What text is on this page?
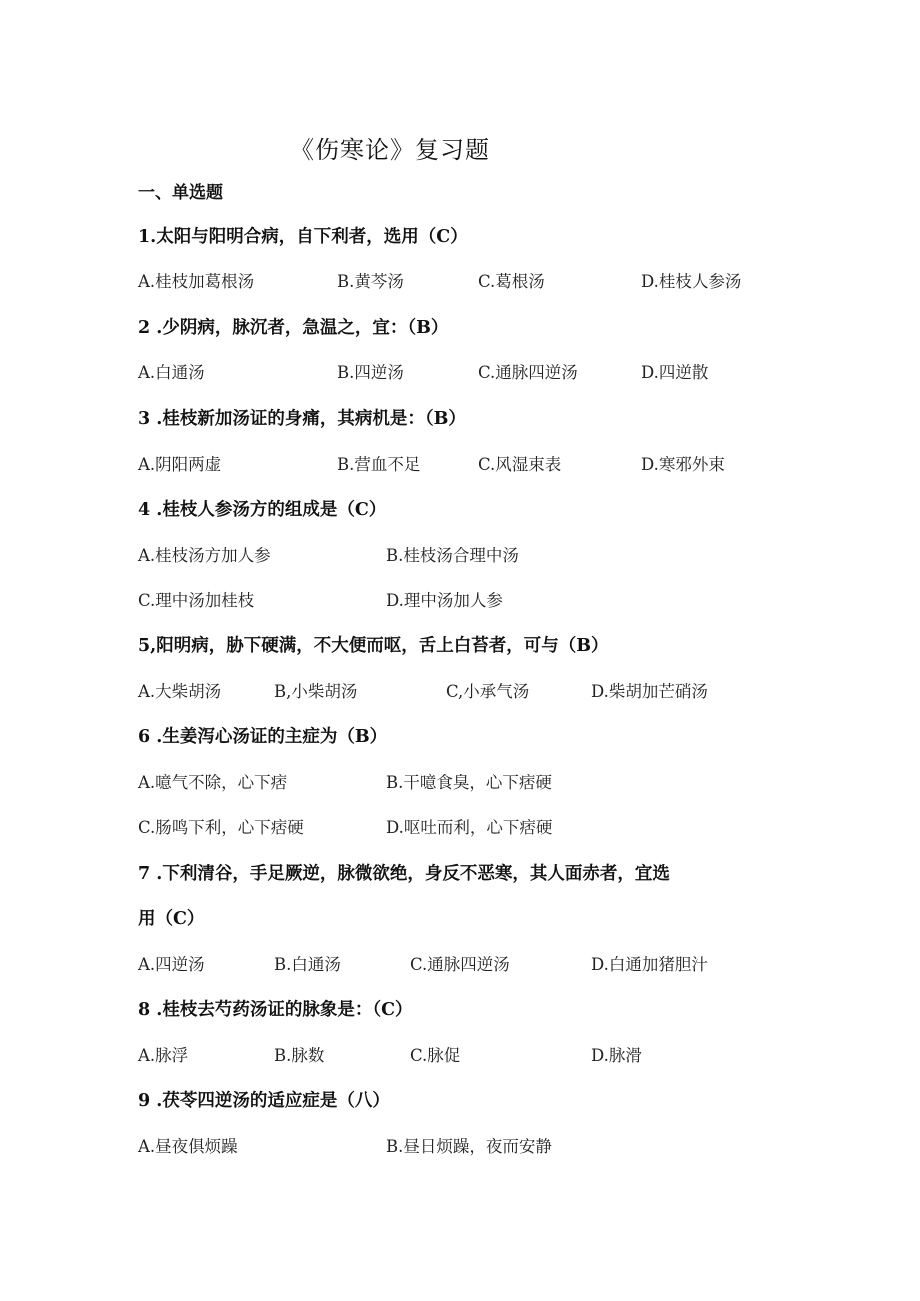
《伤寒论》复习题
一、单选题
1.太阳与阳明合病，自下利者，选用（C）
A.桂枝加葛根汤	B.黄芩汤	C.葛根汤	D.桂枝人参汤
2 .少阴病，脉沉者，急温之，宜：（B）
A.白通汤	B.四逆汤	C.通脉四逆汤	D.四逆散
3 .桂枝新加汤证的身痛，其病机是：（B）
A.阴阳两虚	B.营血不足	C.风湿束表	D.寒邪外束
4 .桂枝人参汤方的组成是（C）
A.桂枝汤方加人参	B.桂枝汤合理中汤
C.理中汤加桂枝	D.理中汤加人参
5,阳明病，胁下硬满，不大便而呕，舌上白苔者，可与（B）
A.大柴胡汤	B,小柴胡汤	C,小承气汤	D.柴胡加芒硝汤
6 .生姜泻心汤证的主症为（B）
A.噫气不除，心下痞	B.干噫食臭，心下痞硬
C.肠鸣下利，心下痞硬	D.呕吐而利，心下痞硬
7 .下利清谷，手足厥逆，脉微欲绝，身反不恶寒，其人面赤者，宜选
用（C）
A.四逆汤	B.白通汤	C.通脉四逆汤	D.白通加猪胆汁
8 .桂枝去芍药汤证的脉象是：（C）
A.脉浮	B.脉数	C.脉促	D.脉滑
9 .茯苓四逆汤的适应症是（八）
A.昼夜俱烦躁	B.昼日烦躁，夜而安静
